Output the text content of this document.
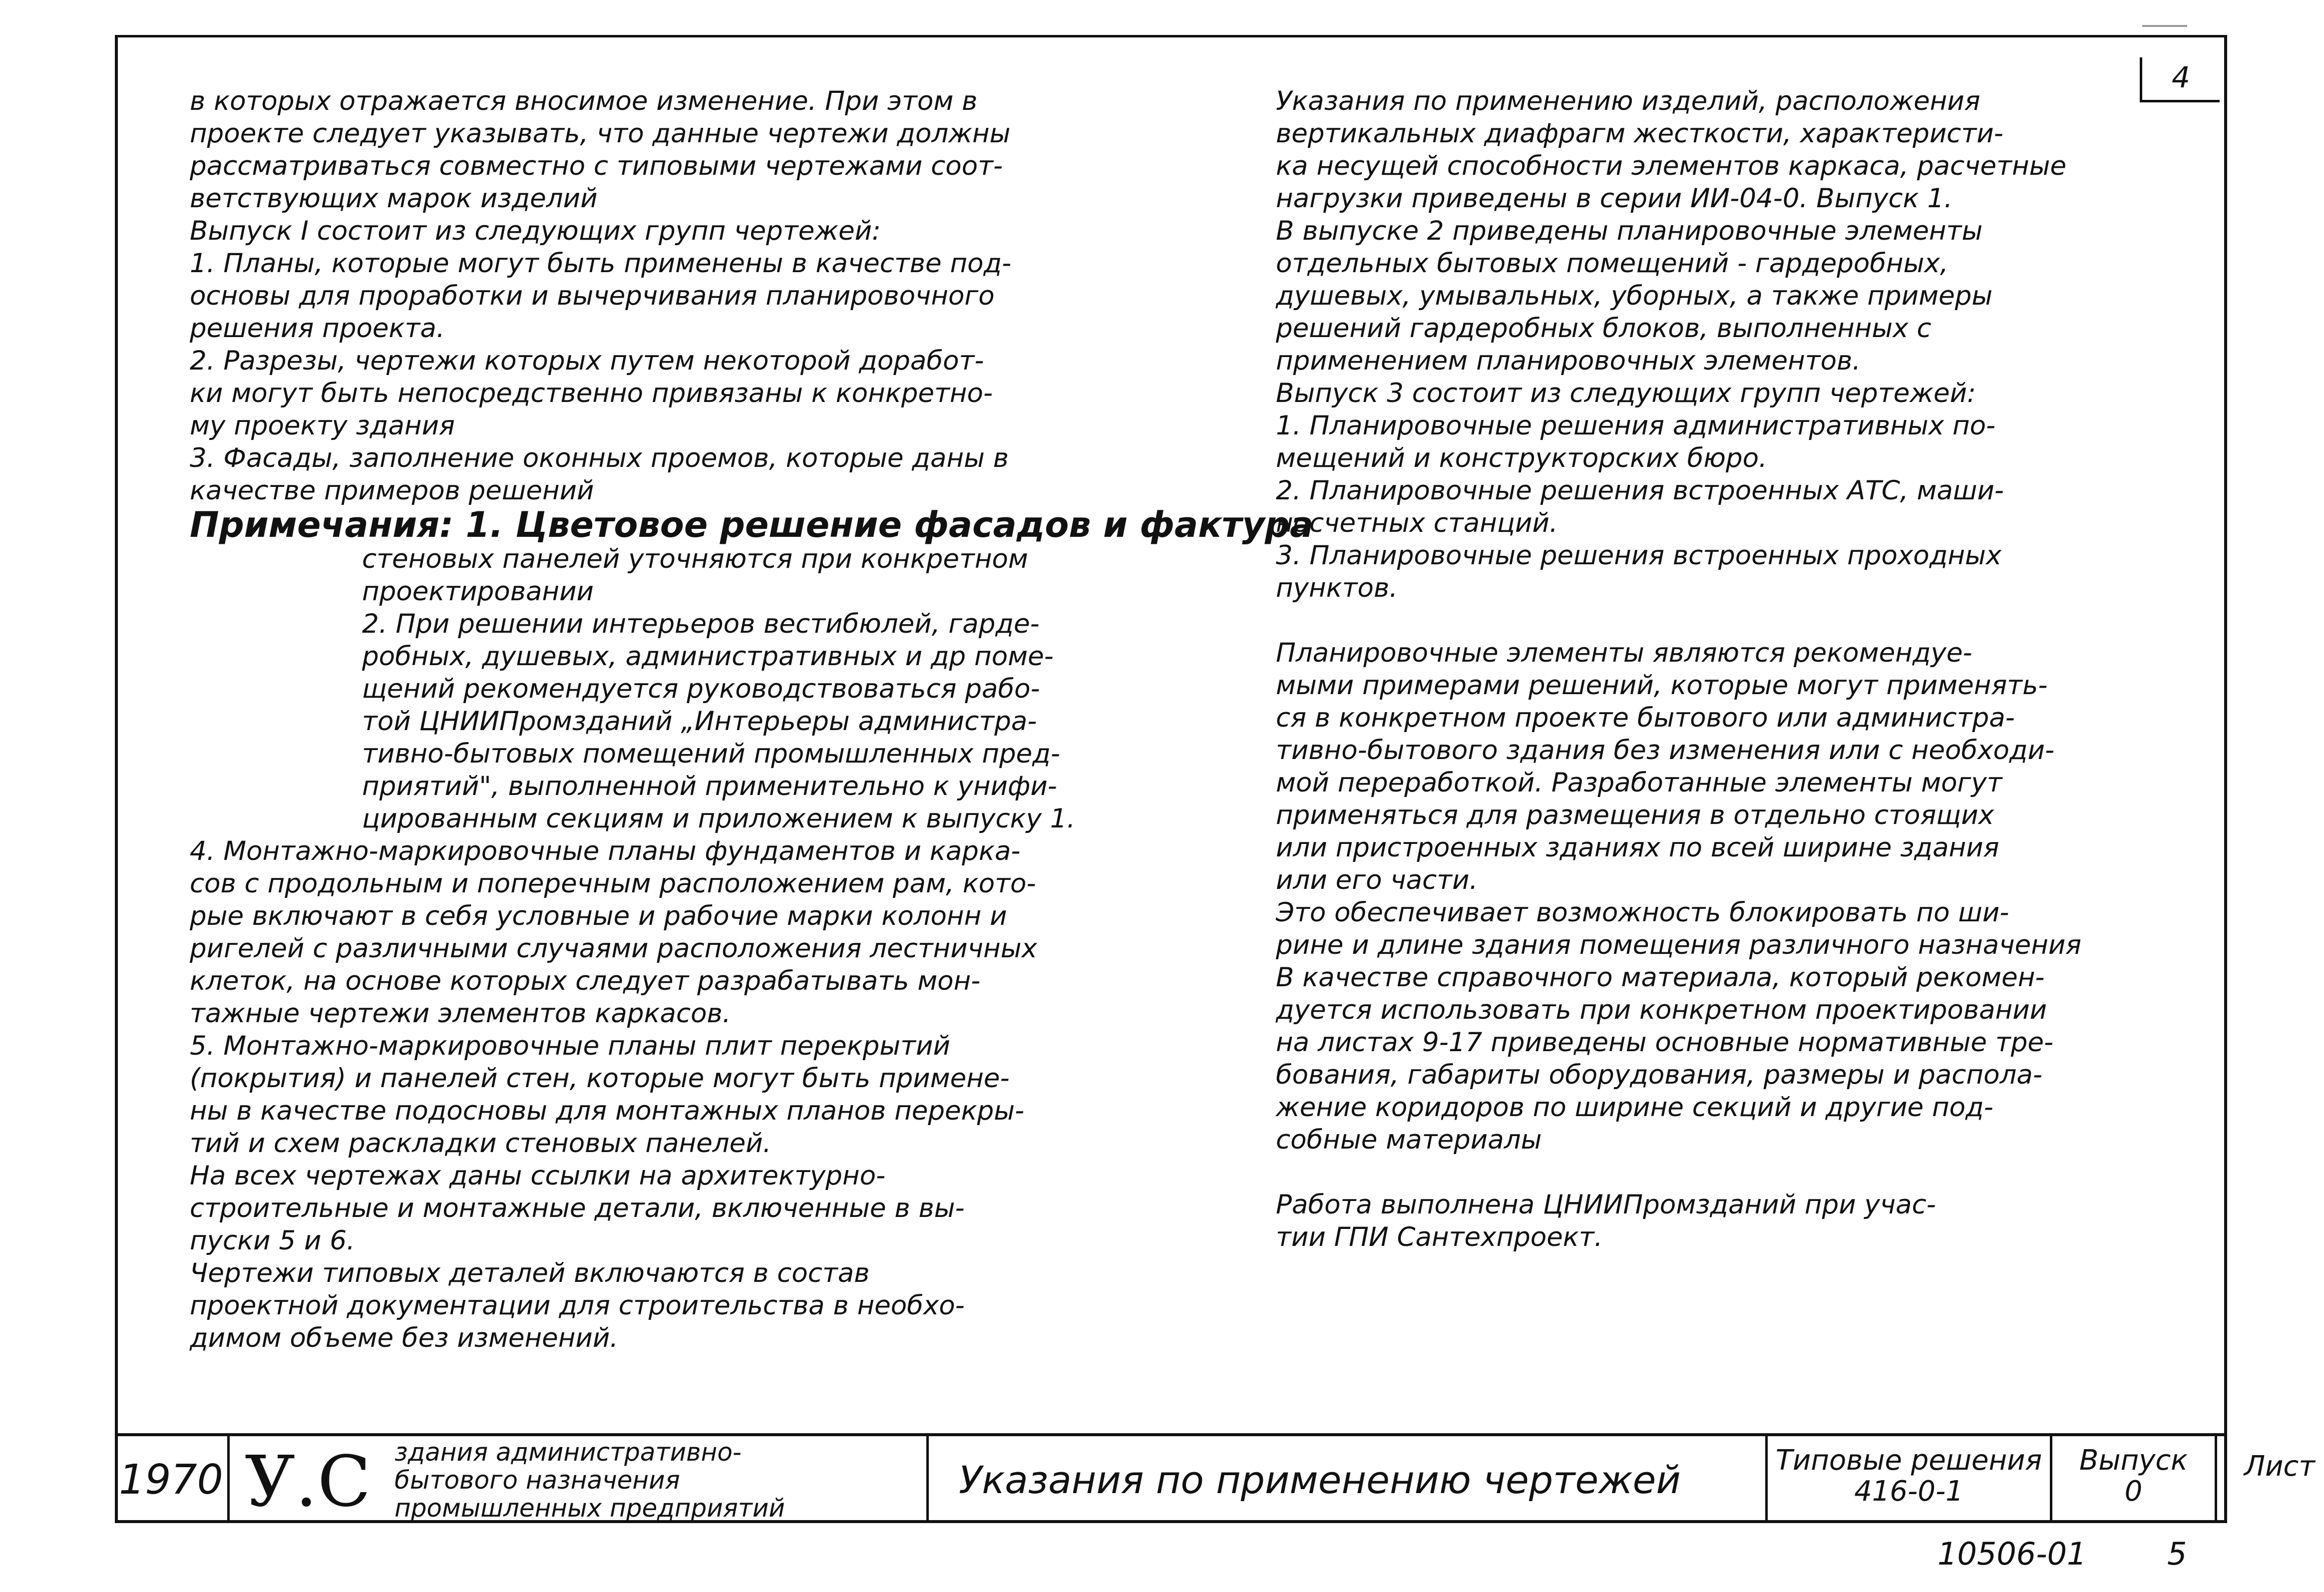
4
в которых отражается вносимое изменение. При этом в
проекте следует указывать, что данные чертежи должны
рассматриваться совместно с типовыми чертежами соот-
ветствующих марок изделий
Выпуск I состоит из следующих групп чертежей:
1. Планы, которые могут быть применены в качестве под-
основы для проработки и вычерчивания планировочного
решения проекта.
2. Разрезы, чертежи которых путем некоторой доработ-
ки могут быть непосредственно привязаны к конкретно-
му проекту здания
3. Фасады, заполнение оконных проемов, которые даны в
качестве примеров решений
Примечания: 1. Цветовое решение фасадов и фактура
стеновых панелей уточняются при конкретном
проектировании
2. При решении интерьеров вестибюлей, гарде-
робных, душевых, административных и др поме-
щений рекомендуется руководствоваться рабо-
той ЦНИИПромзданий „Интерьеры администра-
тивно-бытовых помещений промышленных пред-
приятий", выполненной применительно к унифи-
цированным секциям и приложением к выпуску 1.
4. Монтажно-маркировочные планы фундаментов и карка-
сов с продольным и поперечным расположением рам, кото-
рые включают в себя условные и рабочие марки колонн и
ригелей с различными случаями расположения лестничных
клеток, на основе которых следует разрабатывать мон-
тажные чертежи элементов каркасов.
5. Монтажно-маркировочные планы плит перекрытий
(покрытия) и панелей стен, которые могут быть примене-
ны в качестве подосновы для монтажных планов перекры-
тий и схем раскладки стеновых панелей.
На всех чертежах даны ссылки на архитектурно-
строительные и монтажные детали, включенные в вы-
пуски 5 и 6.
Чертежи типовых деталей включаются в состав
проектной документации для строительства в необхо-
димом объеме без изменений.
Указания по применению изделий, расположения
вертикальных диафрагм жесткости, характеристи-
ка несущей способности элементов каркаса, расчетные
нагрузки приведены в серии ИИ-04-0. Выпуск 1.
В выпуске 2 приведены планировочные элементы
отдельных бытовых помещений - гардеробных,
душевых, умывальных, уборных, а также примеры
решений гардеробных блоков, выполненных с
применением планировочных элементов.
Выпуск 3 состоит из следующих групп чертежей:
1. Планировочные решения административных по-
мещений и конструкторских бюро.
2. Планировочные решения встроенных АТС, маши-
носчетных станций.
3. Планировочные решения встроенных проходных
пунктов.
Планировочные элементы являются рекомендуе-
мыми примерами решений, которые могут применять-
ся в конкретном проекте бытового или администра-
тивно-бытового здания без изменения или с необходи-
мой переработкой. Разработанные элементы могут
применяться для размещения в отдельно стоящих
или пристроенных зданиях по всей ширине здания
или его части.
Это обеспечивает возможность блокировать по ши-
рине и длине здания помещения различного назначения
В качестве справочного материала, который рекомен-
дуется использовать при конкретном проектировании
на листах 9-17 приведены основные нормативные тре-
бования, габариты оборудования, размеры и распола-
жение коридоров по ширине секций и другие под-
собные материалы
Работа выполнена ЦНИИПромзданий при учас-
тии ГПИ Сантехпроект.
1970 У.С здания административно-
бытового назначения
промышленных предприятий
Указания по применению чертежей	Типовые решения
416-0-1
Выпуск
0
Лист
10506-01	5
